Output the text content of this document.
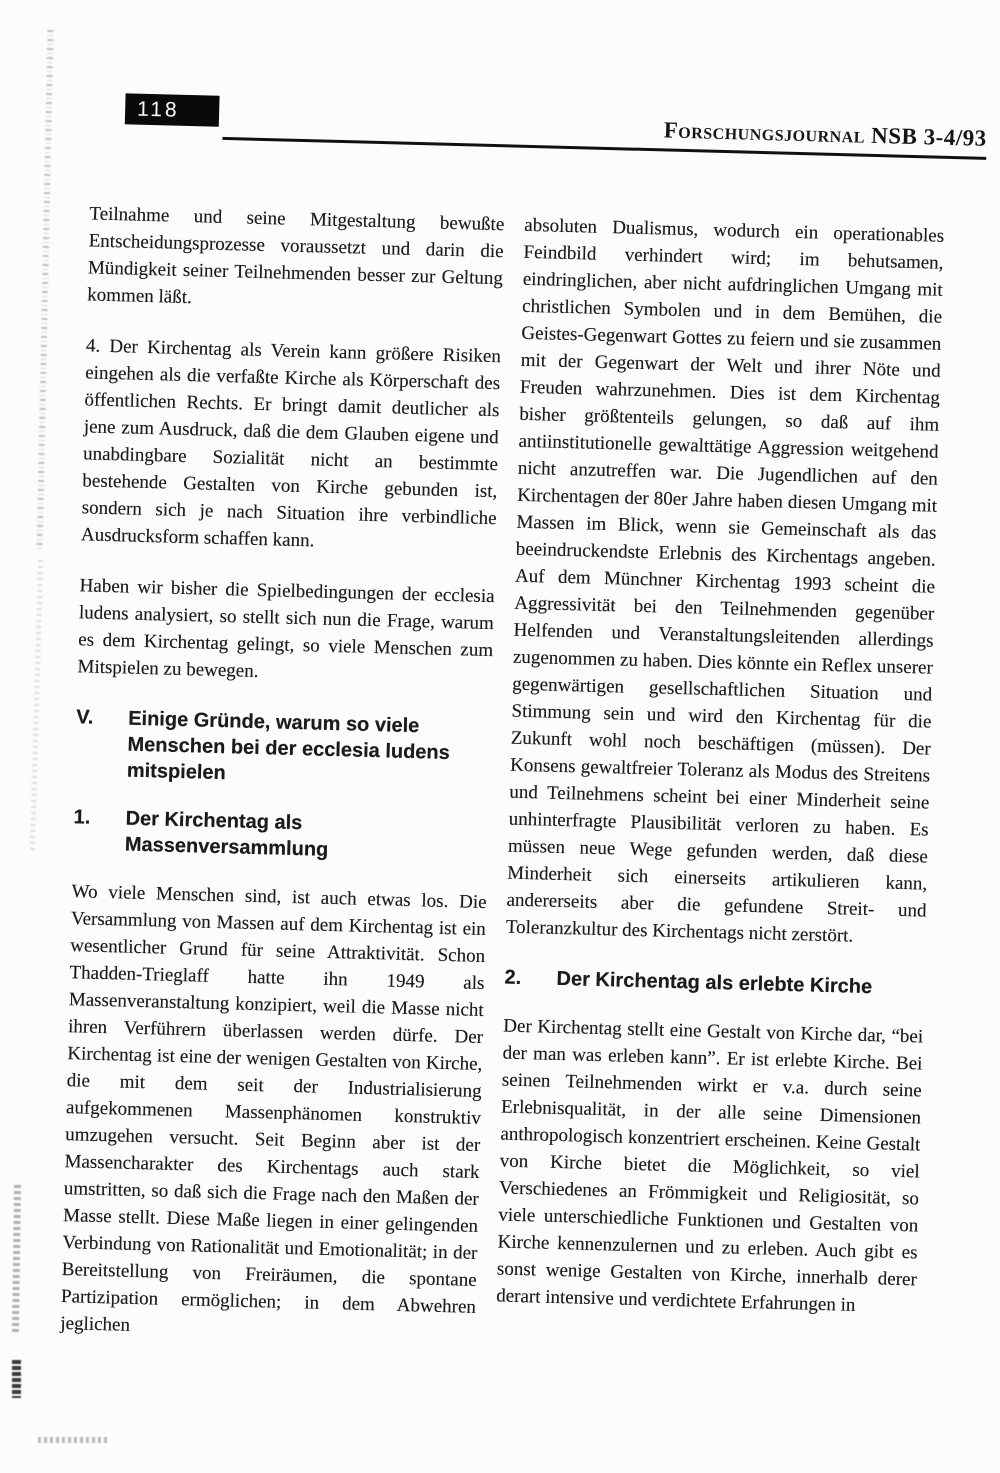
118
Forschungsjournal NSB 3-4/93

Teilnahme und seine Mitgestaltung bewußte Entscheidungsprozesse voraussetzt und darin die Mündigkeit seiner Teilnehmenden besser zur Geltung kommen läßt.

4. Der Kirchentag als Verein kann größere Risiken eingehen als die verfaßte Kirche als Körperschaft des öffentlichen Rechts. Er bringt damit deutlicher als jene zum Ausdruck, daß die dem Glauben eigene und unabdingbare Sozialität nicht an bestimmte bestehende Gestalten von Kirche gebunden ist, sondern sich je nach Situation ihre verbindliche Ausdrucksform schaffen kann.

Haben wir bisher die Spielbedingungen der ecclesia ludens analysiert, so stellt sich nun die Frage, warum es dem Kirchentag gelingt, so viele Menschen zum Mitspielen zu bewegen.

V.	Einige Gründe, warum so viele Menschen bei der ecclesia ludens mitspielen
1.	Der Kirchentag als Massenversammlung

Wo viele Menschen sind, ist auch etwas los. Die Versammlung von Massen auf dem Kirchentag ist ein wesentlicher Grund für seine Attraktivität. Schon Thadden-Trieglaff hatte ihn 1949 als Massenveranstaltung konzipiert, weil die Masse nicht ihren Verführern überlassen werden dürfe. Der Kirchentag ist eine der wenigen Gestalten von Kirche, die mit dem seit der Industrialisierung aufgekommenen Massenphänomen konstruktiv umzugehen versucht. Seit Beginn aber ist der Massencharakter des Kirchentags auch stark umstritten, so daß sich die Frage nach den Maßen der Masse stellt. Diese Maße liegen in einer gelingenden Verbindung von Rationalität und Emotionalität; in der Bereitstellung von Freiräumen, die spontane Partizipation ermöglichen; in dem Abwehren jeglichen

absoluten Dualismus, wodurch ein operationables Feindbild verhindert wird; im behutsamen, eindringlichen, aber nicht aufdringlichen Umgang mit christlichen Symbolen und in dem Bemühen, die Geistes-Gegenwart Gottes zu feiern und sie zusammen mit der Gegenwart der Welt und ihrer Nöte und Freuden wahrzunehmen. Dies ist dem Kirchentag bisher größtenteils gelungen, so daß auf ihm antiinstitutionelle gewalttätige Aggression weitgehend nicht anzutreffen war. Die Jugendlichen auf den Kirchentagen der 80er Jahre haben diesen Umgang mit Massen im Blick, wenn sie Gemeinschaft als das beeindruckendste Erlebnis des Kirchentags angeben. Auf dem Münchner Kirchentag 1993 scheint die Aggressivität bei den Teilnehmenden gegenüber Helfenden und Veranstaltungsleitenden allerdings zugenommen zu haben. Dies könnte ein Reflex unserer gegenwärtigen gesellschaftlichen Situation und Stimmung sein und wird den Kirchentag für die Zukunft wohl noch beschäftigen (müssen). Der Konsens gewaltfreier Toleranz als Modus des Streitens und Teilnehmens scheint bei einer Minderheit seine unhinterfragte Plausibilität verloren zu haben. Es müssen neue Wege gefunden werden, daß diese Minderheit sich einerseits artikulieren kann, andererseits aber die gefundene Streit- und Toleranzkultur des Kirchentags nicht zerstört.

2.	Der Kirchentag als erlebte Kirche

Der Kirchentag stellt eine Gestalt von Kirche dar, “bei der man was erleben kann”. Er ist erlebte Kirche. Bei seinen Teilnehmenden wirkt er v.a. durch seine Erlebnisqualität, in der alle seine Dimensionen anthropologisch konzentriert erscheinen. Keine Gestalt von Kirche bietet die Möglichkeit, so viel Verschiedenes an Frömmigkeit und Religiosität, so viele unterschiedliche Funktionen und Gestalten von Kirche kennenzulernen und zu erleben. Auch gibt es sonst wenige Gestalten von Kirche, innerhalb derer derart intensive und verdichtete Erfahrungen in
